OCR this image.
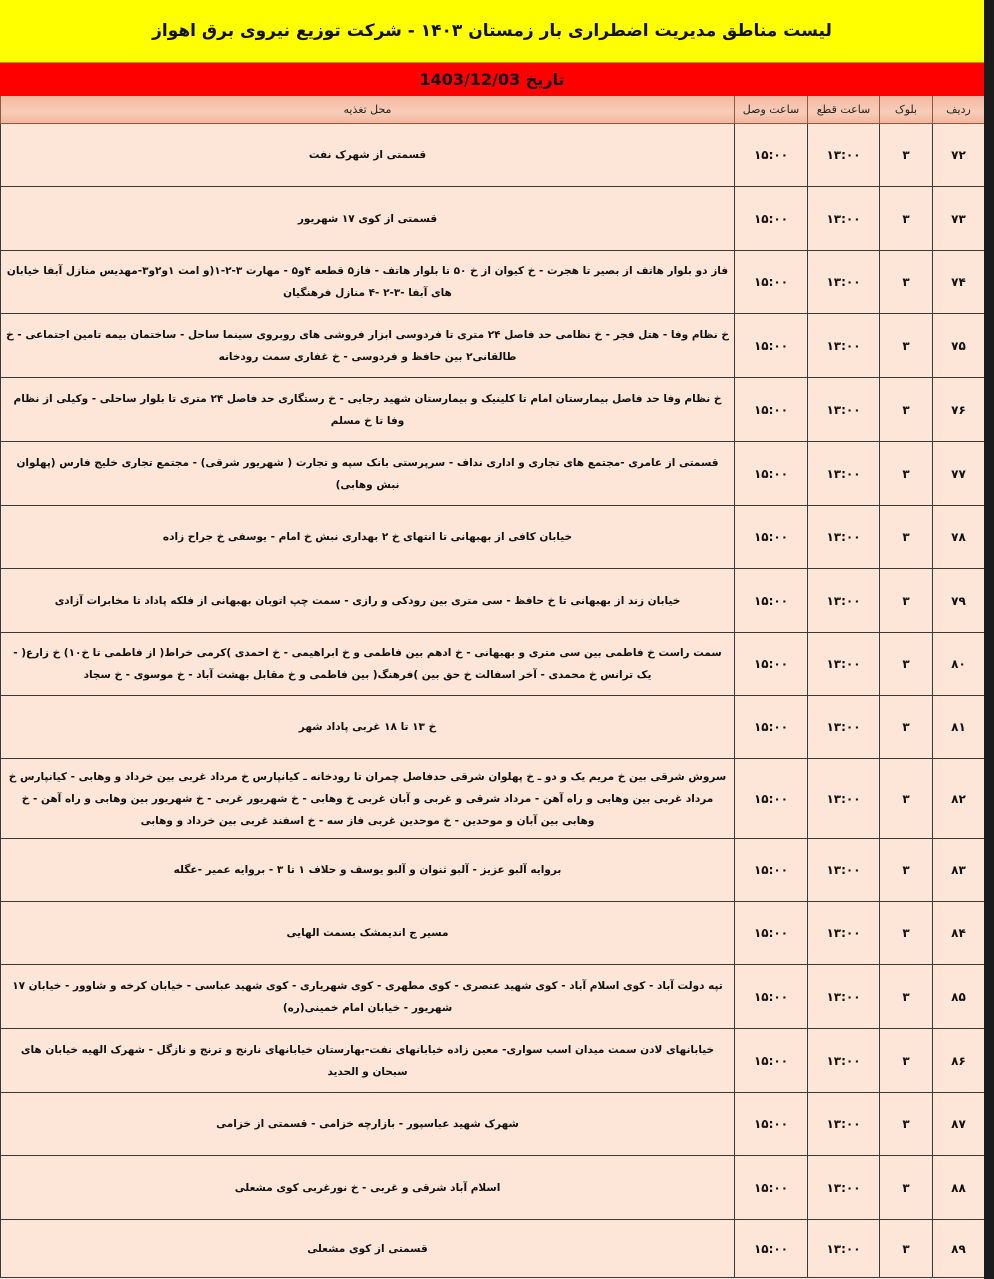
لیست مناطق مدیریت اضطراری بار زمستان ۱۴۰۳ - شرکت توزیع نیروی برق اهواز
تاریخ 1403/12/03
ردیف	بلوک	ساعت قطع	ساعت وصل	محل تغذیه
۷۲	۳	۱۳:۰۰	۱۵:۰۰	قسمتی از شهرک نفت
۷۳	۳	۱۳:۰۰	۱۵:۰۰	قسمتی از کوی ۱۷ شهریور
۷۴	۳	۱۳:۰۰	۱۵:۰۰	فاز دو بلوار هاتف از بصیر تا هجرت - خ کیوان از خ ۵۰ تا بلوار هاتف - فاز۵ قطعه ۴و۵ - مهارت ۳-۲-۱(و امت ۱و۲و۳-مهدیس منازل آبفا خیابان های آبفا -۳-۲ -۴ منازل فرهنگیان
۷۵	۳	۱۳:۰۰	۱۵:۰۰	خ نظام وفا - هتل فجر - خ نظامی حد فاصل ۲۴ متری تا فردوسی ابزار فروشی های روبروی سینما ساحل - ساختمان بیمه تامین اجتماعی - خ طالقانی۲ بین حافظ و فردوسی - خ غفاری سمت رودخانه
۷۶	۳	۱۳:۰۰	۱۵:۰۰	خ نظام وفا حد فاصل بیمارستان امام تا کلینیک و بیمارستان شهید رجایی - خ رستگاری حد فاصل ۲۴ متری تا بلوار ساحلی - وکیلی از نظام وفا تا خ مسلم
۷۷	۳	۱۳:۰۰	۱۵:۰۰	قسمتی از عامری -مجتمع های تجاری و اداری نداف - سرپرستی بانک سپه و تجارت ( شهریور شرقی) - مجتمع تجاری خلیج فارس (پهلوان نبش وهابی)
۷۸	۳	۱۳:۰۰	۱۵:۰۰	خیابان کافی از بهبهانی تا انتهای خ ۲ بهداری نبش خ امام - یوسفی خ جراح زاده
۷۹	۳	۱۳:۰۰	۱۵:۰۰	خیابان زند از بهبهانی تا خ حافظ - سی متری بین رودکی و رازی - سمت چپ اتوبان بهبهانی از فلکه پاداد تا مخابرات آزادی
۸۰	۳	۱۳:۰۰	۱۵:۰۰	سمت راست خ فاطمی بین سی متری و بهبهانی - خ ادهم بین فاطمی و خ ابراهیمی - خ احمدی )کرمی خراط( از فاطمی تا خ۱۰) خ زارع( - یک ترانس خ محمدی - آخر اسفالت خ حق بین )فرهنگ( بین فاطمی و خ مقابل بهشت آباد - خ موسوی - خ سجاد
۸۱	۳	۱۳:۰۰	۱۵:۰۰	خ ۱۳ تا ۱۸ غربی پاداد شهر
۸۲	۳	۱۳:۰۰	۱۵:۰۰	سروش شرقی بین خ مریم یک و دو ـ خ پهلوان شرقی حدفاصل چمران تا رودخانه ـ کیانپارس خ مرداد غربی بین خرداد و وهابی - کیانپارس خ مرداد غربی بین وهابی و راه آهن - مرداد شرقی و غربی و آبان غربی خ وهابی - خ شهریور غربی - خ شهریور بین وهابی و راه آهن - خ وهابی بین آبان و موحدین - خ موحدین غربی فاز سه - خ اسفند غربی بین خرداد و وهابی
۸۳	۳	۱۳:۰۰	۱۵:۰۰	بروایه آلبو عزیز - آلبو ثنوان و آلبو یوسف و حلاف ۱ تا ۳ - بروایه عمیر -عگله
۸۴	۳	۱۳:۰۰	۱۵:۰۰	مسیر ج اندیمشک بسمت الهایی
۸۵	۳	۱۳:۰۰	۱۵:۰۰	تپه دولت آباد - کوی اسلام آباد - کوی شهید عنصری - کوی مطهری - کوی شهریاری - کوی شهید عباسی - خیابان کرخه و شاوور - خیابان ۱۷ شهریور - خیابان امام خمینی(ره)
۸۶	۳	۱۳:۰۰	۱۵:۰۰	خیابانهای لادن سمت میدان اسب سواری- معین زاده خیابانهای نفت-بهارستان خیابانهای نارنج و ترنج و نازگل - شهرک الهیه خیابان های سبحان و الحدید
۸۷	۳	۱۳:۰۰	۱۵:۰۰	شهرک شهید عباسپور - بازارچه خزامی - قسمتی از خزامی
۸۸	۳	۱۳:۰۰	۱۵:۰۰	اسلام آباد شرقی و غربی - خ نورغربی کوی مشعلی
۸۹	۳	۱۳:۰۰	۱۵:۰۰	قسمتی از کوی مشعلی
